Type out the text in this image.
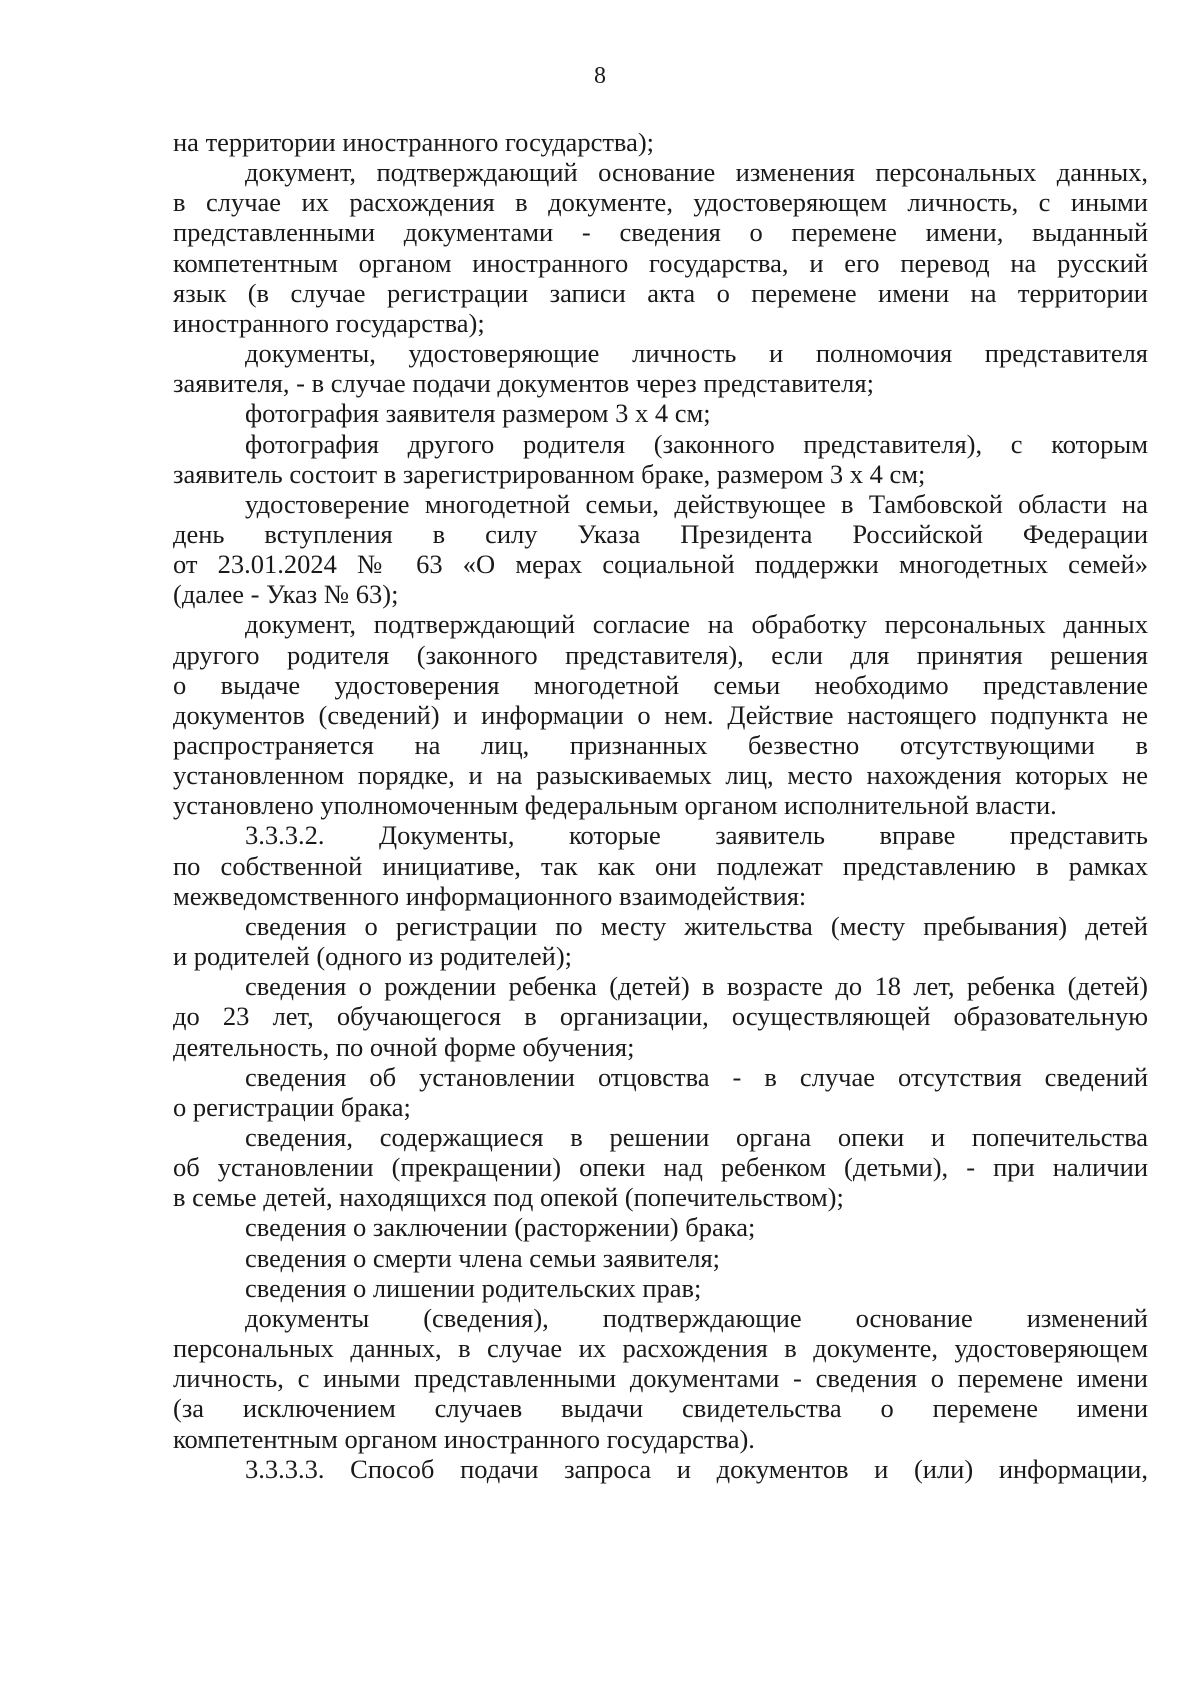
8
на территории иностранного государства);
документ, подтверждающий основание изменения персональных данных,
в случае их расхождения в документе, удостоверяющем личность, с иными
представленными документами - сведения о перемене имени, выданный
компетентным органом иностранного государства, и его перевод на русский
язык (в случае регистрации записи акта о перемене имени на территории
иностранного государства);
документы, удостоверяющие личность и полномочия представителя
заявителя, - в случае подачи документов через представителя;
фотография заявителя размером 3 х 4 см;
фотография другого родителя (законного представителя), с которым
заявитель состоит в зарегистрированном браке, размером 3 х 4 см;
удостоверение многодетной семьи, действующее в Тамбовской области на
день вступления в силу Указа Президента Российской Федерации
от 23.01.2024 № 63 «О мерах социальной поддержки многодетных семей»
(далее - Указ № 63);
документ, подтверждающий согласие на обработку персональных данных
другого родителя (законного представителя), если для принятия решения
о выдаче удостоверения многодетной семьи необходимо представление
документов (сведений) и информации о нем. Действие настоящего подпункта не
распространяется на лиц, признанных безвестно отсутствующими в
установленном порядке, и на разыскиваемых лиц, место нахождения которых не
установлено уполномоченным федеральным органом исполнительной власти.
3.3.3.2. Документы, которые заявитель вправе представить
по собственной инициативе, так как они подлежат представлению в рамках
межведомственного информационного взаимодействия:
сведения о регистрации по месту жительства (месту пребывания) детей
и родителей (одного из родителей);
сведения о рождении ребенка (детей) в возрасте до 18 лет, ребенка (детей)
до 23 лет, обучающегося в организации, осуществляющей образовательную
деятельность, по очной форме обучения;
сведения об установлении отцовства - в случае отсутствия сведений
о регистрации брака;
сведения, содержащиеся в решении органа опеки и попечительства
об установлении (прекращении) опеки над ребенком (детьми), - при наличии
в семье детей, находящихся под опекой (попечительством);
сведения о заключении (расторжении) брака;
сведения о смерти члена семьи заявителя;
сведения о лишении родительских прав;
документы (сведения), подтверждающие основание изменений
персональных данных, в случае их расхождения в документе, удостоверяющем
личность, с иными представленными документами - сведения о перемене имени
(за исключением случаев выдачи свидетельства о перемене имени
компетентным органом иностранного государства).
3.3.3.3. Способ подачи запроса и документов и (или) информации,
